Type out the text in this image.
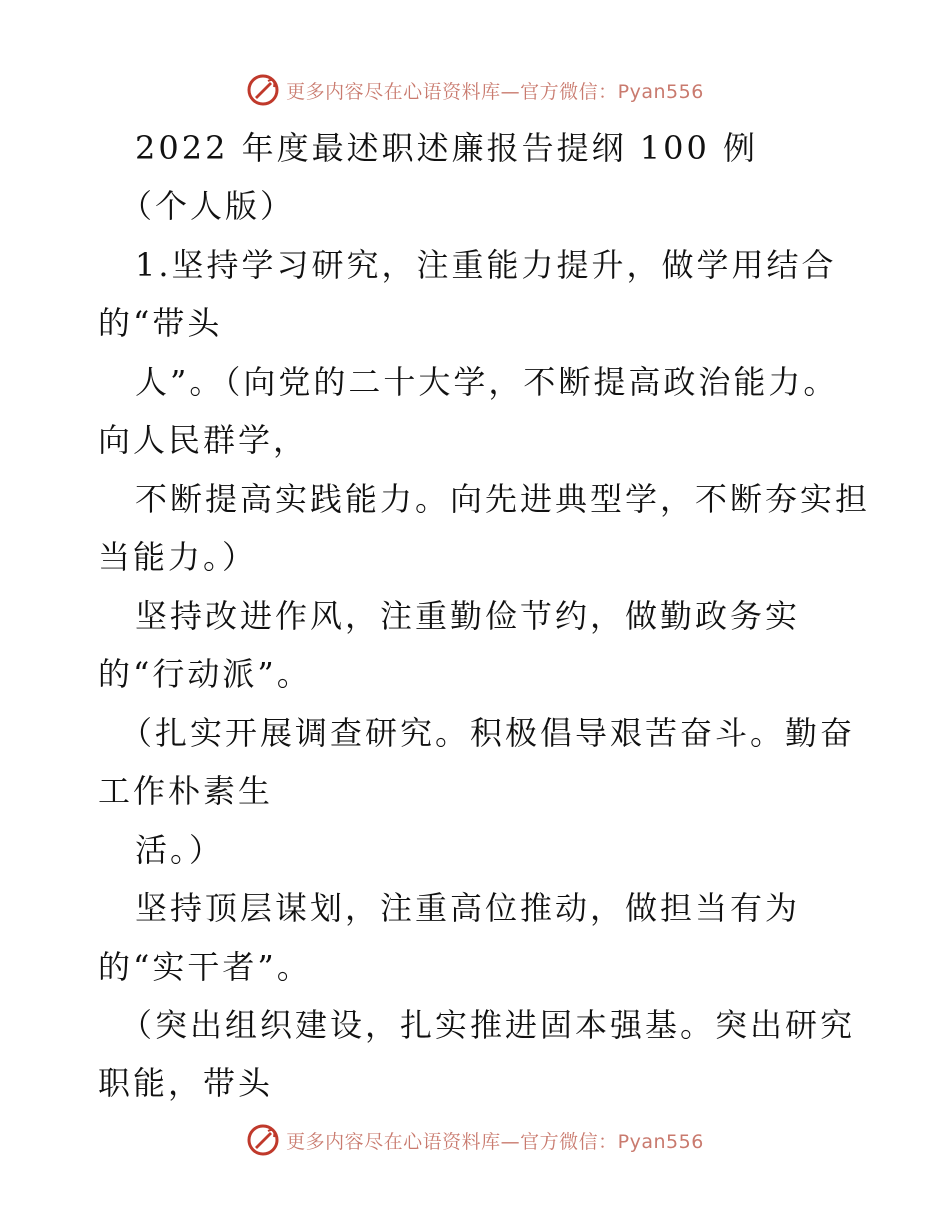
更多内容尽在心语资料库—官方微信：Pyan556
2022 年度最述职述廉报告提纲 100 例
（个人版）
1.坚持学习研究，注重能力提升，做学用结合
的“带头
人”。（向党的二十大学，不断提高政治能力。
向人民群学，
不断提高实践能力。向先进典型学，不断夯实担
当能力。）
坚持改进作风，注重勤俭节约，做勤政务实
的“行动派”。
（扎实开展调查研究。积极倡导艰苦奋斗。勤奋
工作朴素生
活。）
坚持顶层谋划，注重高位推动，做担当有为
的“实干者”。
（突出组织建设，扎实推进固本强基。突出研究
职能，带头
更多内容尽在心语资料库—官方微信：Pyan556
